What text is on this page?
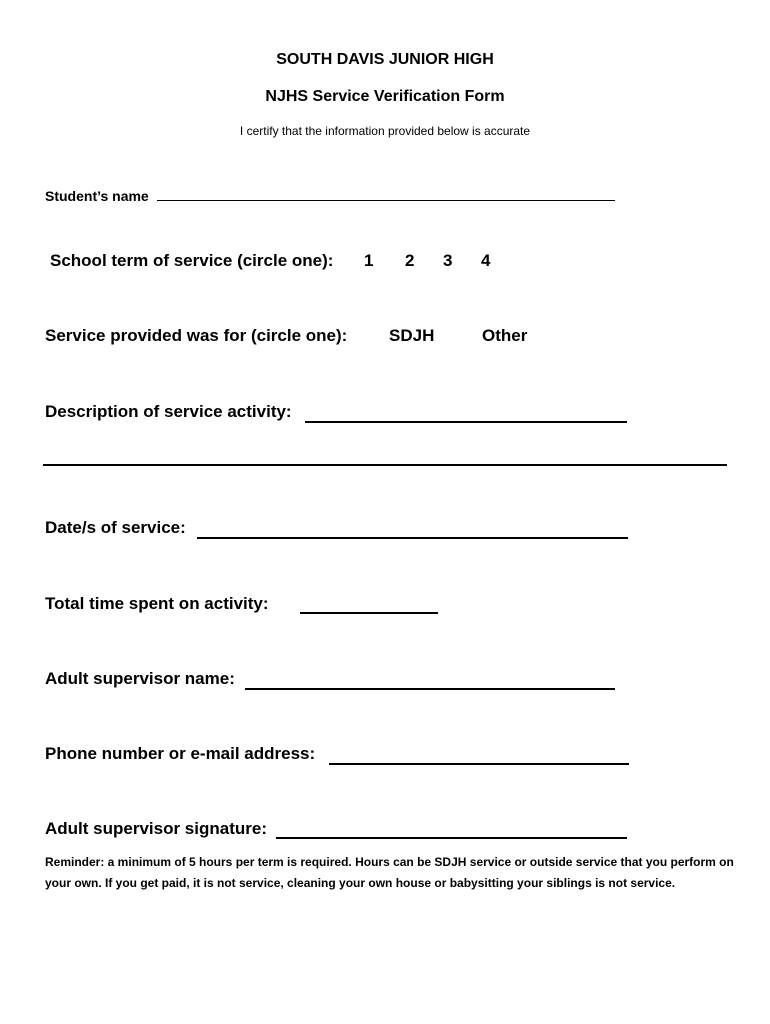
SOUTH DAVIS JUNIOR HIGH
NJHS Service Verification Form
I certify that the information provided below is accurate
Student’s name
School term of service (circle one): 1 2 3 4
Service provided was for (circle one): SDJH	Other
Description of service activity:
Date/s of service:
Total time spent on activity:
Adult supervisor name:
Phone number or e-mail address:
Adult supervisor signature:
Reminder: a minimum of 5 hours per term is required. Hours can be SDJH service or outside service that you perform on your own. If you get paid, it is not service, cleaning your own house or babysitting your siblings is not service.
